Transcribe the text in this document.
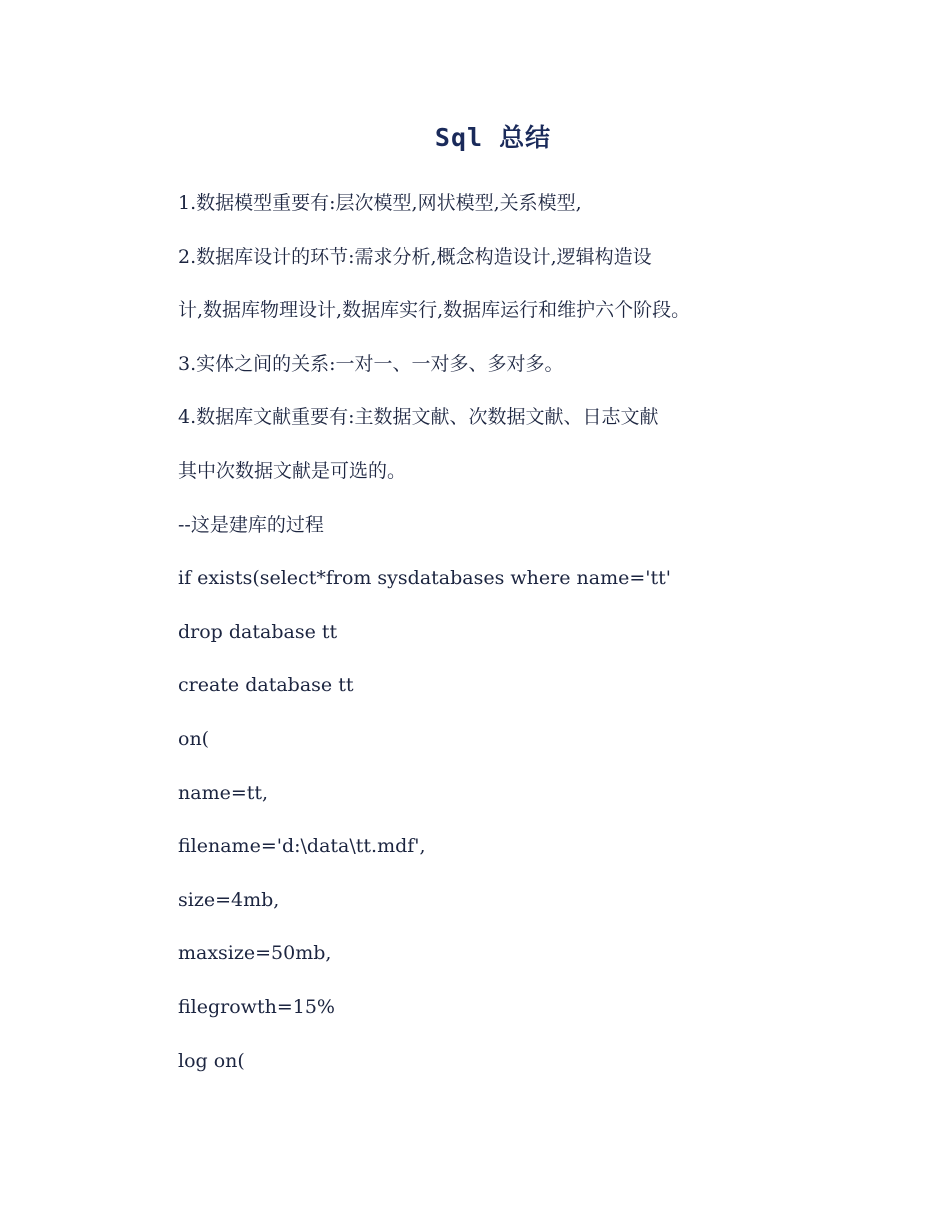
Sql 总结
1.数据模型重要有:层次模型,网状模型,关系模型,
2.数据库设计的环节:需求分析,概念构造设计,逻辑构造设
计,数据库物理设计,数据库实行,数据库运行和维护六个阶段。
3.实体之间的关系:一对一、一对多、多对多。
4.数据库文献重要有:主数据文献、次数据文献、日志文献
其中次数据文献是可选的。
--这是建库的过程
if exists(select*from sysdatabases where name='tt'
drop database tt
create database tt
on(
name=tt,
filename='d:\data\tt.mdf',
size=4mb,
maxsize=50mb,
filegrowth=15%
log on(
